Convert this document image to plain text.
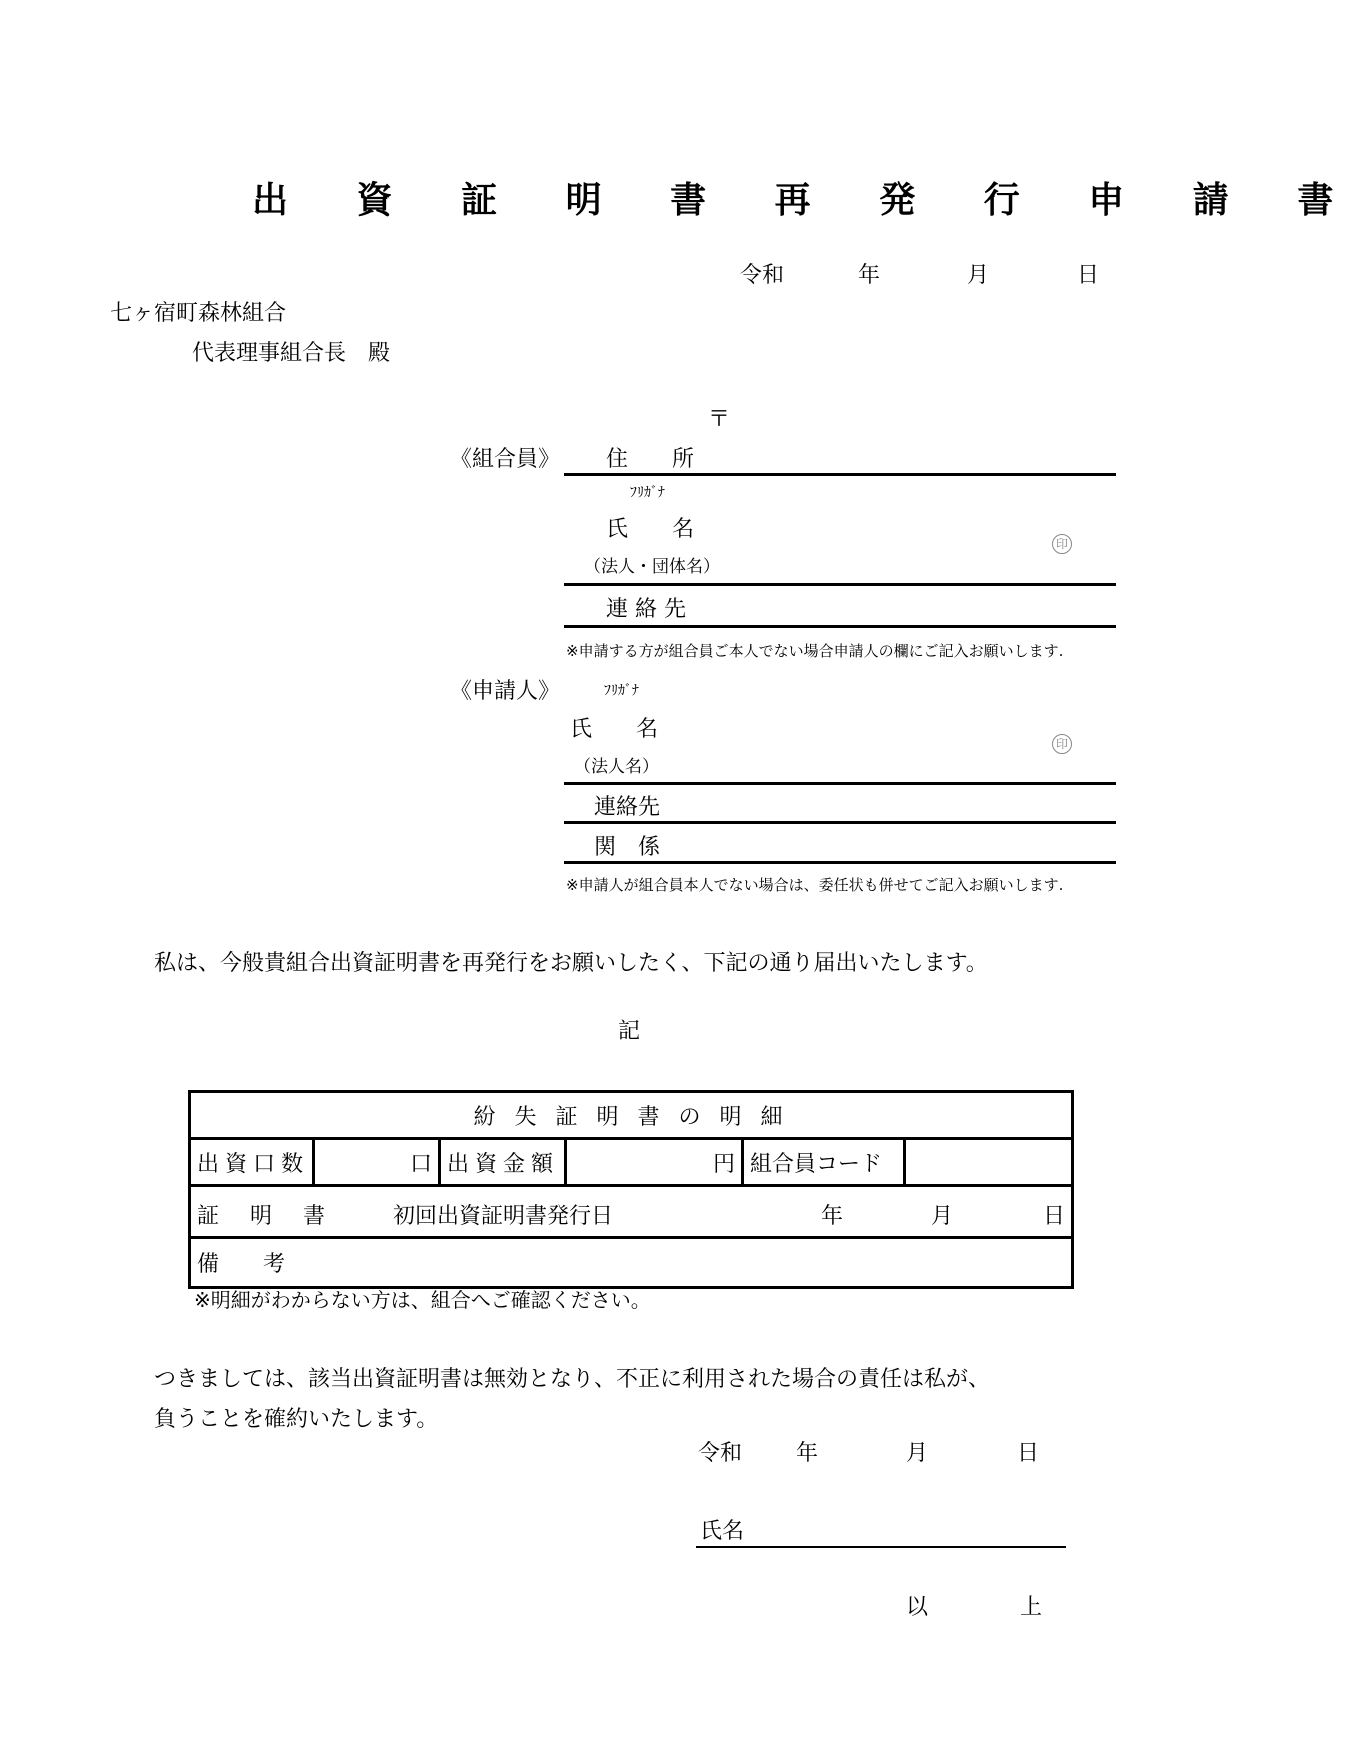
出 資 証 明 書 再 発 行 申 請 書
令和	年	月	日
七ヶ宿町森林組合
代表理事組合長　殿
〒
《組合員》 住　　所
ﾌﾘｶﾞﾅ
氏　　名
（法人・団体名）
印
連 絡 先
※申請する方が組合員ご本人でない場合申請人の欄にご記入お願いします.
《申請人》	ﾌﾘｶﾞﾅ
氏　　名
（法人名）
印
連絡先
関　係
※申請人が組合員本人でない場合は、委任状も併せてご記入お願いします.
私は、今般貴組合出資証明書を再発行をお願いしたく、下記の通り届出いたします。
記
紛 失 証 明 書 の 明 細
出資口数	口	出資金額	円	組合員コード	

証 明 書	初回出資証明書発行日	年	月	日

備　　考
※明細がわからない方は、組合へご確認ください。
つきましては、該当出資証明書は無効となり、不正に利用された場合の責任は私が、
負うことを確約いたします。
令和 年	月	日
氏名
以	上
